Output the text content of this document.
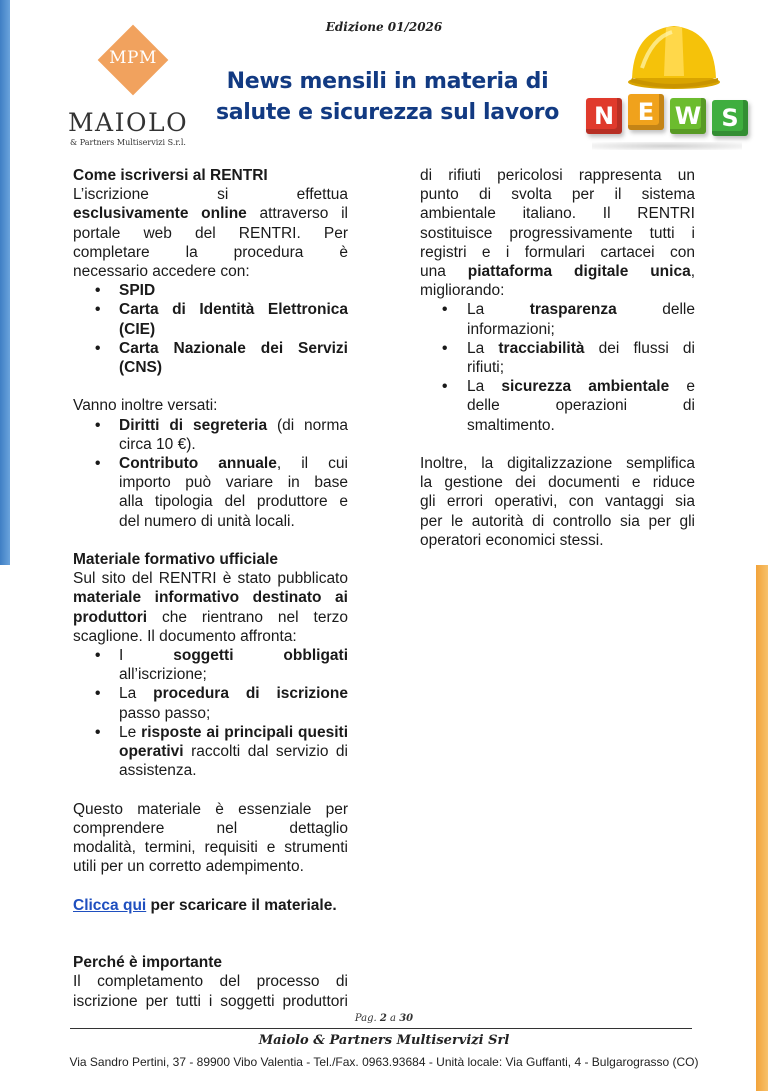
Edizione 01/2026
MPM
MAIOLO
& Partners Multiservizi S.r.l.
News mensili in materia di
salute e sicurezza sul lavoro	N E W S
Come iscriversi al RENTRI
L’iscrizione si effettua
esclusivamente online attraverso il
portale web del RENTRI. Per
completare la procedura è
necessario accedere con:
• SPID
• Carta di Identità Elettronica
(CIE)
• Carta Nazionale dei Servizi
(CNS)
Vanno inoltre versati:
• Diritti di segreteria (di norma
circa 10 €).
• Contributo annuale, il cui
importo può variare in base
alla tipologia del produttore e
del numero di unità locali.
Materiale formativo ufficiale
Sul sito del RENTRI è stato pubblicato
materiale informativo destinato ai
produttori che rientrano nel terzo
scaglione. Il documento affronta:
• I soggetti obbligati
all’iscrizione;
• La procedura di iscrizione
passo passo;
• Le risposte ai principali quesiti
operativi raccolti dal servizio di
assistenza.
Questo materiale è essenziale per
comprendere nel dettaglio
modalità, termini, requisiti e strumenti
utili per un corretto adempimento.
Clicca qui per scaricare il materiale.
Perché è importante
Il completamento del processo di
iscrizione per tutti i soggetti produttori
di rifiuti pericolosi rappresenta un
punto di svolta per il sistema
ambientale italiano. Il RENTRI
sostituisce progressivamente tutti i
registri e i formulari cartacei con
una piattaforma digitale unica,
migliorando:
• La trasparenza delle
informazioni;
• La tracciabilità dei flussi di
rifiuti;
• La sicurezza ambientale e
delle operazioni di
smaltimento.
Inoltre, la digitalizzazione semplifica
la gestione dei documenti e riduce
gli errori operativi, con vantaggi sia
per le autorità di controllo sia per gli
operatori economici stessi.
Pag. 2 a 30
Maiolo & Partners Multiservizi Srl
Via Sandro Pertini, 37 - 89900 Vibo Valentia - Tel./Fax. 0963.93684 - Unità locale: Via Guffanti, 4 - Bulgarograsso (CO)
